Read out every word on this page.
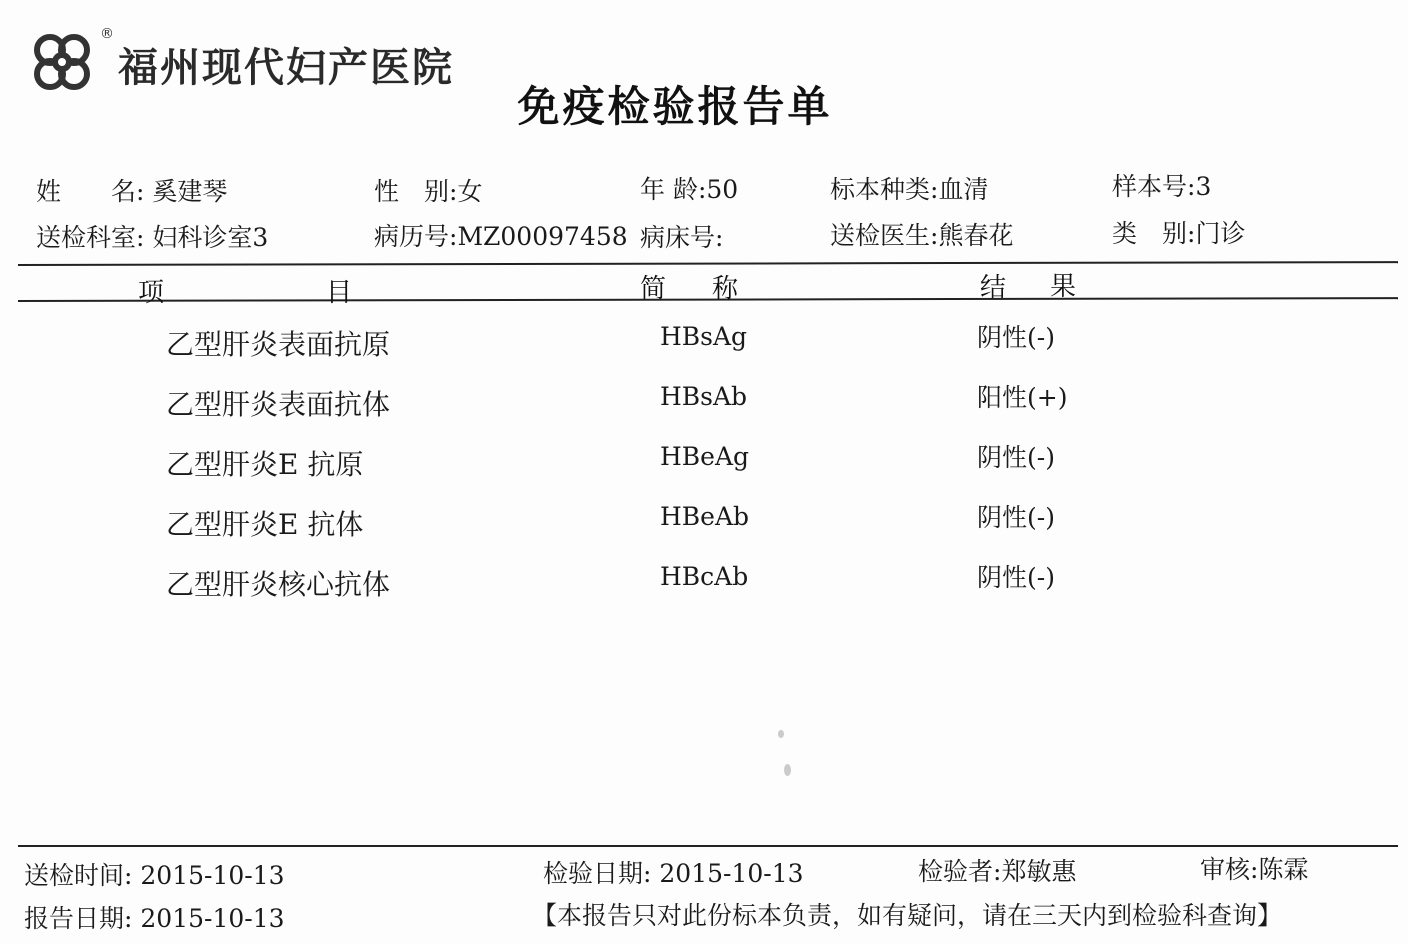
®
福州现代妇产医院
免疫检验报告单
姓　　名: 奚建琴	性　别:女	年 龄:50	标本种类:血清	样本号:3
送检科室: 妇科诊室3	病历号:MZ00097458 病床号:	送检医生:熊春花	类　别:门诊
项	目	简 称	结 果
乙型肝炎表面抗原	HBsAg	阴性(-)
乙型肝炎表面抗体	HBsAb	阳性(+)
乙型肝炎E 抗原	HBeAg	阴性(-)
乙型肝炎E 抗体	HBeAb	阴性(-)
乙型肝炎核心抗体	HBcAb	阴性(-)
送检时间: 2015-10-13	检验日期: 2015-10-13	检验者:郑敏惠	审核:陈霖
报告日期: 2015-10-13	【本报告只对此份标本负责，如有疑问，请在三天内到检验科查询】
